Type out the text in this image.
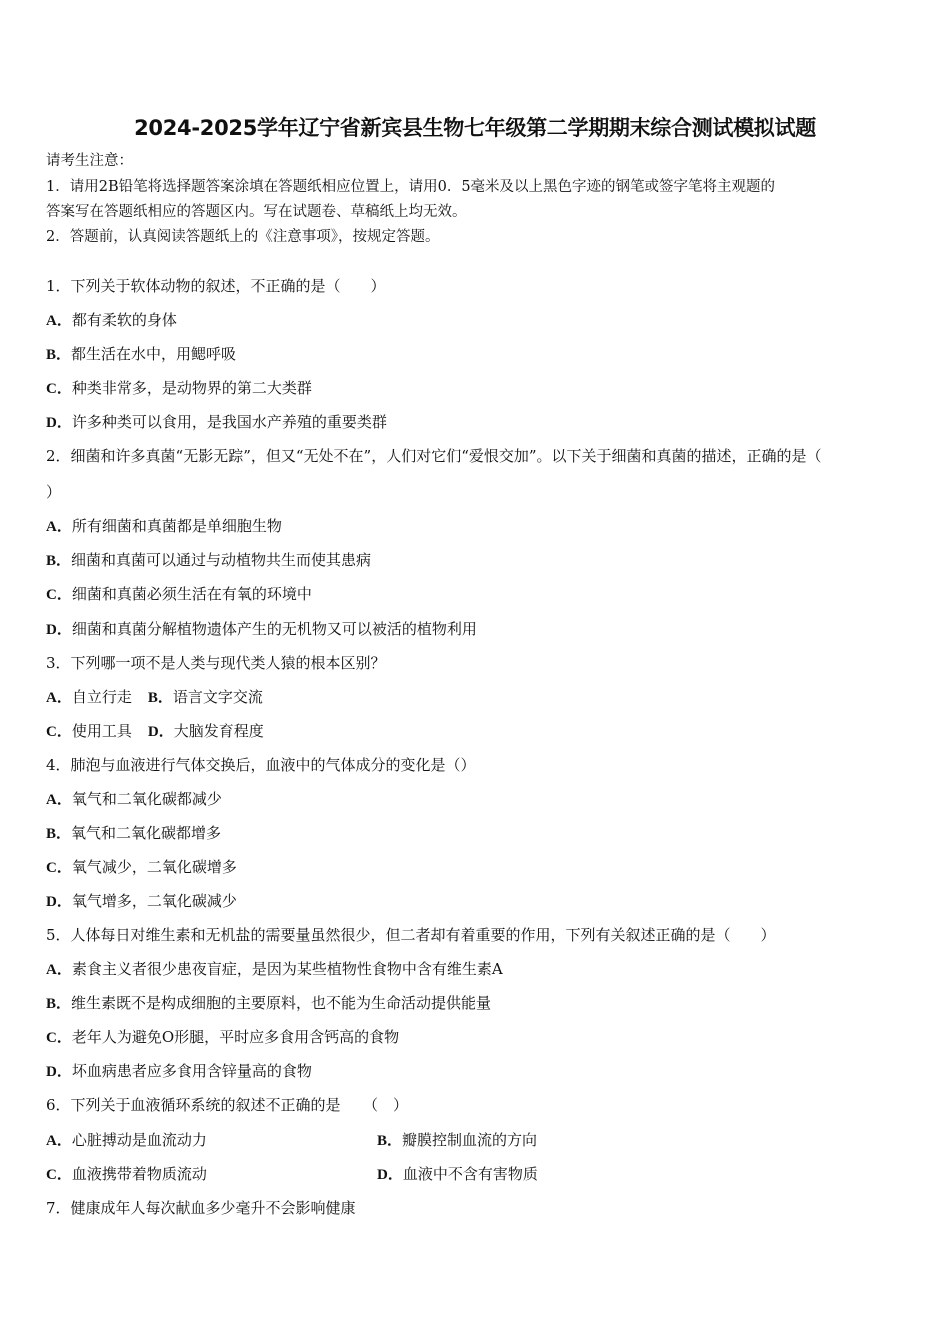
2024-2025学年辽宁省新宾县生物七年级第二学期期末综合测试模拟试题
请考生注意：
1．请用2B铅笔将选择题答案涂填在答题纸相应位置上，请用0．5毫米及以上黑色字迹的钢笔或签字笔将主观题的
答案写在答题纸相应的答题区内。写在试题卷、草稿纸上均无效。
2．答题前，认真阅读答题纸上的《注意事项》，按规定答题。
1．下列关于软体动物的叙述，不正确的是（　　）
A．都有柔软的身体
B．都生活在水中，用鳃呼吸
C．种类非常多，是动物界的第二大类群
D．许多种类可以食用，是我国水产养殖的重要类群
2．细菌和许多真菌“无影无踪”，但又“无处不在”，人们对它们“爱恨交加”。以下关于细菌和真菌的描述，正确的是（
）
A．所有细菌和真菌都是单细胞生物
B．细菌和真菌可以通过与动植物共生而使其患病
C．细菌和真菌必须生活在有氧的环境中
D．细菌和真菌分解植物遗体产生的无机物又可以被活的植物利用
3．下列哪一项不是人类与现代类人猿的根本区别？
A．自立行走 B．语言文字交流
C．使用工具 D．大脑发育程度
4．肺泡与血液进行气体交换后，血液中的气体成分的变化是（）
A．氧气和二氧化碳都减少
B．氧气和二氧化碳都增多
C．氧气减少，二氧化碳增多
D．氧气增多，二氧化碳减少
5．人体每日对维生素和无机盐的需要量虽然很少，但二者却有着重要的作用，下列有关叙述正确的是（　　）
A．素食主义者很少患夜盲症，是因为某些植物性食物中含有维生素A
B．维生素既不是构成细胞的主要原料，也不能为生命活动提供能量
C．老年人为避免O形腿，平时应多食用含钙高的食物
D．坏血病患者应多食用含锌量高的食物
6．下列关于血液循环系统的叙述不正确的是　　（　）
A．心脏搏动是血流动力	B．瓣膜控制血流的方向
C．血液携带着物质流动	D．血液中不含有害物质
7．健康成年人每次献血多少毫升不会影响健康
